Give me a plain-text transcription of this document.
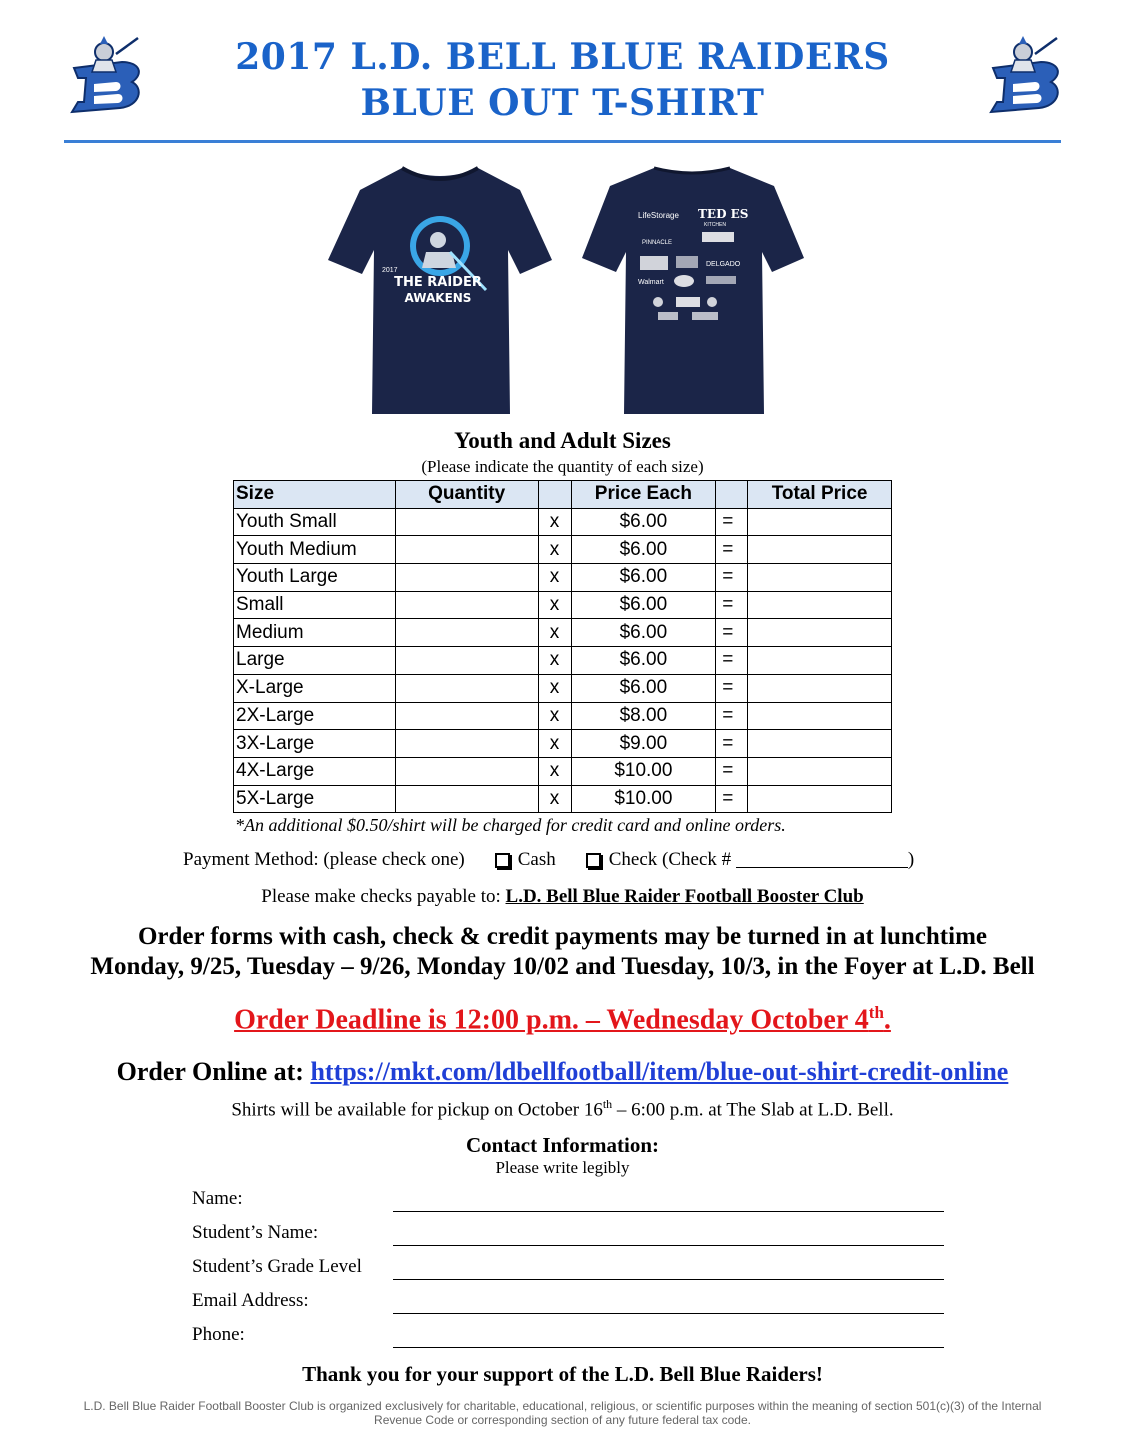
2017 L.D. BELL BLUE RAIDERS
BLUE OUT T-SHIRT
2017
THE RAIDER
AWAKENS
LifeStorage TED ES
KITCHEN
PINNACLE
DELGADO
Walmart
Youth and Adult Sizes
(Please indicate the quantity of each size)
Size	Quantity		Price Each		Total Price
Youth Small		x	$6.00	=	
Youth Medium		x	$6.00	=	
Youth Large		x	$6.00	=	
Small		x	$6.00	=	
Medium		x	$6.00	=	
Large		x	$6.00	=	
X-Large		x	$6.00	=	
2X-Large		x	$8.00	=	
3X-Large		x	$9.00	=	
4X-Large		x	$10.00	=	
5X-Large		x	$10.00	=	
*An additional $0.50/shirt will be charged for credit card and online orders.
Payment Method: (please check one)	Cash	Check (Check #
	)
Please make checks payable to: L.D. Bell Blue Raider Football Booster Club
Order forms with cash, check & credit payments may be turned in at lunchtime
Monday, 9/25, Tuesday – 9/26, Monday 10/02 and Tuesday, 10/3, in the Foyer at L.D. Bell
Order Deadline is 12:00 p.m. – Wednesday October 4th.
Order Online at: https://mkt.com/ldbellfootball/item/blue-out-shirt-credit-online
Shirts will be available for pickup on October 16th – 6:00 p.m. at The Slab at L.D. Bell.
Contact Information:
Please write legibly
Name:
Student’s Name:
Student’s Grade Level
Email Address:
Phone:
Thank you for your support of the L.D. Bell Blue Raiders!
L.D. Bell Blue Raider Football Booster Club is organized exclusively for charitable, educational, religious, or scientific purposes within the meaning of section 501(c)(3) of the Internal Revenue Code or corresponding section of any future federal tax code.
